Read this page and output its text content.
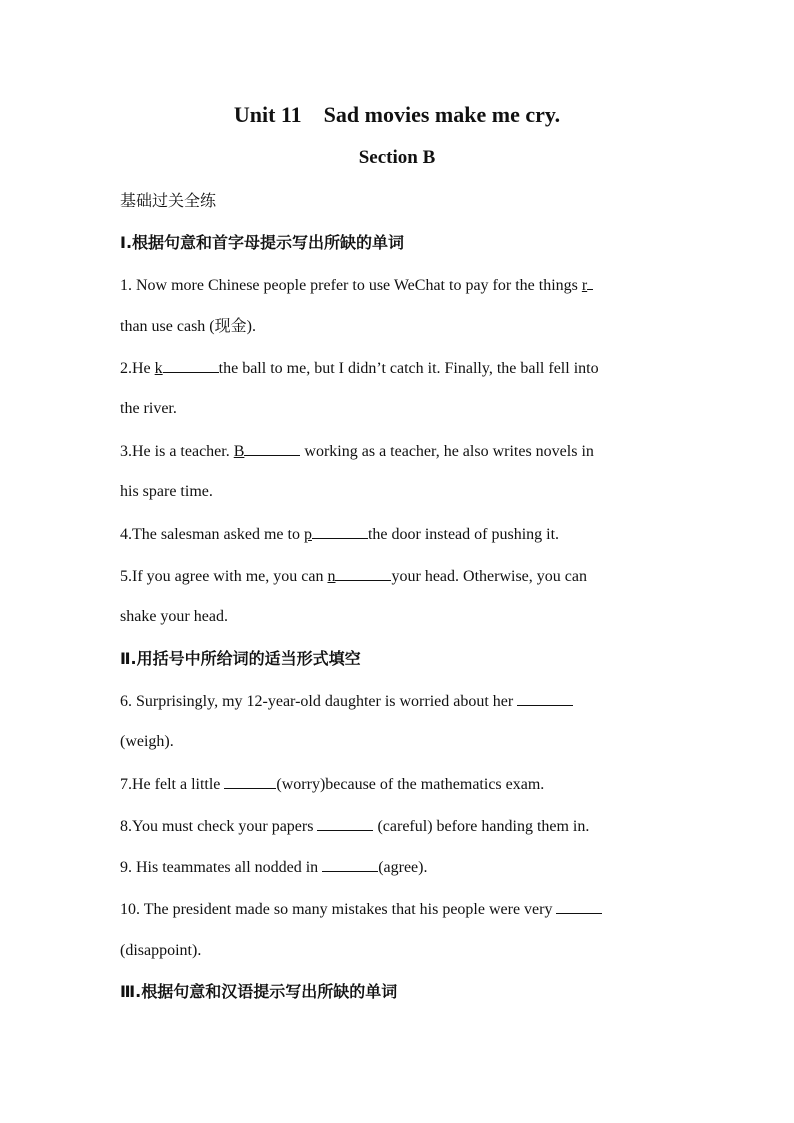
Unit 11    Sad movies make me cry.
Section B
基础过关全练
Ⅰ.根据句意和首字母提示写出所缺的单词
1. Now more Chinese people prefer to use WeChat to pay for the things r
than use cash (现金).
2.He k	the ball to me, but I didn’t catch it. Finally, the ball fell into
the river.
3.He is a teacher. B	working as a teacher, he also writes novels in
his spare time.
4.The salesman asked me to p	the door instead of pushing it.
5.If you agree with me, you can n	your head. Otherwise, you can
shake your head.
Ⅱ.用括号中所给词的适当形式填空
6. Surprisingly, my 12-year-old daughter is worried about her
(weigh).
7.He felt a little	(worry)because of the mathematics exam.
8.You must check your papers	(careful) before handing them in.
9. His teammates all nodded in	(agree).
10. The president made so many mistakes that his people were very
(disappoint).
Ⅲ.根据句意和汉语提示写出所缺的单词
